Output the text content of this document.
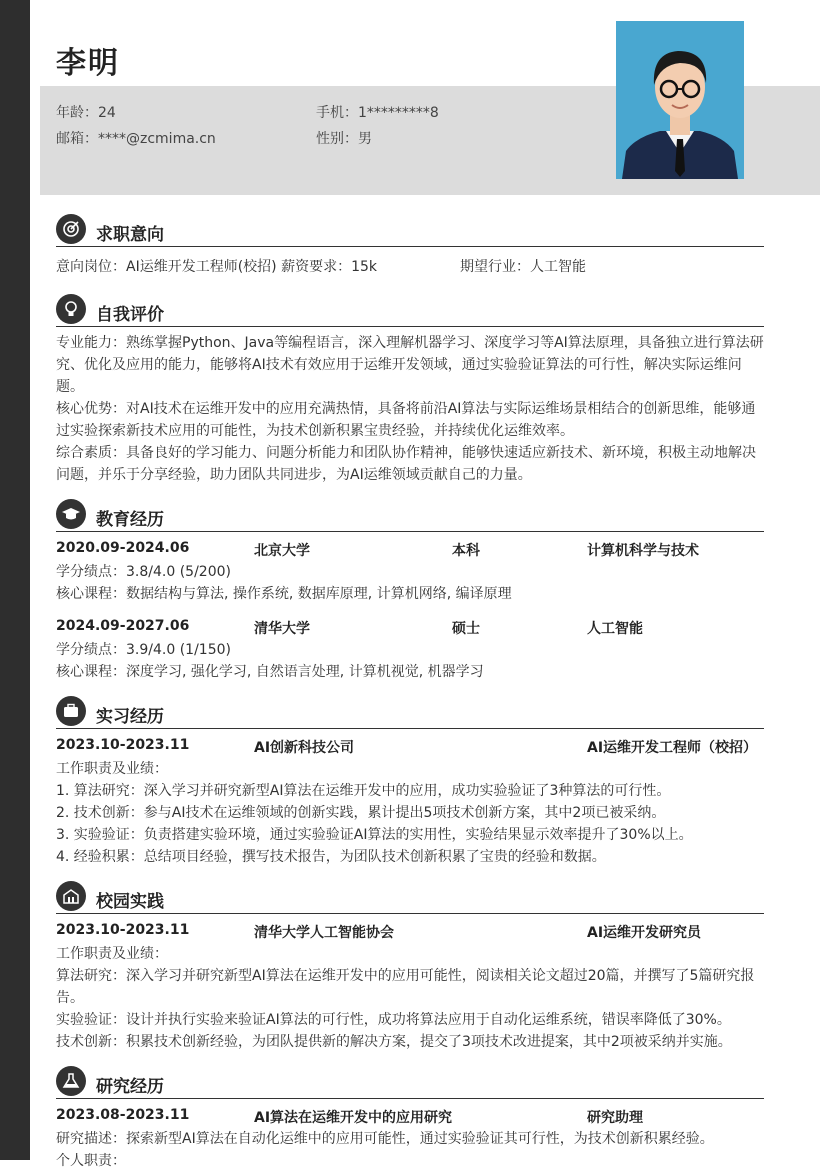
李明
年龄：24	手机：1*********8
邮箱：****@zcmima.cn	性别：男
求职意向
意向岗位：AI运维开发工程师(校招) 薪资要求：15k	期望行业：人工智能
自我评价
专业能力：熟练掌握Python、Java等编程语言，深入理解机器学习、深度学习等AI算法原理，具备独立进行算法研
究、优化及应用的能力，能够将AI技术有效应用于运维开发领域，通过实验验证算法的可行性，解决实际运维问
题。
核心优势：对AI技术在运维开发中的应用充满热情，具备将前沿AI算法与实际运维场景相结合的创新思维，能够通
过实验探索新技术应用的可能性，为技术创新积累宝贵经验，并持续优化运维效率。
综合素质：具备良好的学习能力、问题分析能力和团队协作精神，能够快速适应新技术、新环境，积极主动地解决
问题，并乐于分享经验，助力团队共同进步，为AI运维领域贡献自己的力量。
教育经历
2020.09-2024.06	北京大学	本科	计算机科学与技术
学分绩点：3.8/4.0 (5/200)
核心课程：数据结构与算法, 操作系统, 数据库原理, 计算机网络, 编译原理
2024.09-2027.06	清华大学	硕士	人工智能
学分绩点：3.9/4.0 (1/150)
核心课程：深度学习, 强化学习, 自然语言处理, 计算机视觉, 机器学习
实习经历
2023.10-2023.11	AI创新科技公司	AI运维开发工程师（校招）
工作职责及业绩：
1. 算法研究：深入学习并研究新型AI算法在运维开发中的应用，成功实验验证了3种算法的可行性。
2. 技术创新：参与AI技术在运维领域的创新实践，累计提出5项技术创新方案，其中2项已被采纳。
3. 实验验证：负责搭建实验环境，通过实验验证AI算法的实用性，实验结果显示效率提升了30%以上。
4. 经验积累：总结项目经验，撰写技术报告，为团队技术创新积累了宝贵的经验和数据。
校园实践
2023.10-2023.11	清华大学人工智能协会	AI运维开发研究员
工作职责及业绩：
算法研究：深入学习并研究新型AI算法在运维开发中的应用可能性，阅读相关论文超过20篇，并撰写了5篇研究报
告。
实验验证：设计并执行实验来验证AI算法的可行性，成功将算法应用于自动化运维系统，错误率降低了30%。
技术创新：积累技术创新经验，为团队提供新的解决方案，提交了3项技术改进提案，其中2项被采纳并实施。
研究经历
2023.08-2023.11	AI算法在运维开发中的应用研究	研究助理
研究描述：探索新型AI算法在自动化运维中的应用可能性，通过实验验证其可行性，为技术创新积累经验。
个人职责：
